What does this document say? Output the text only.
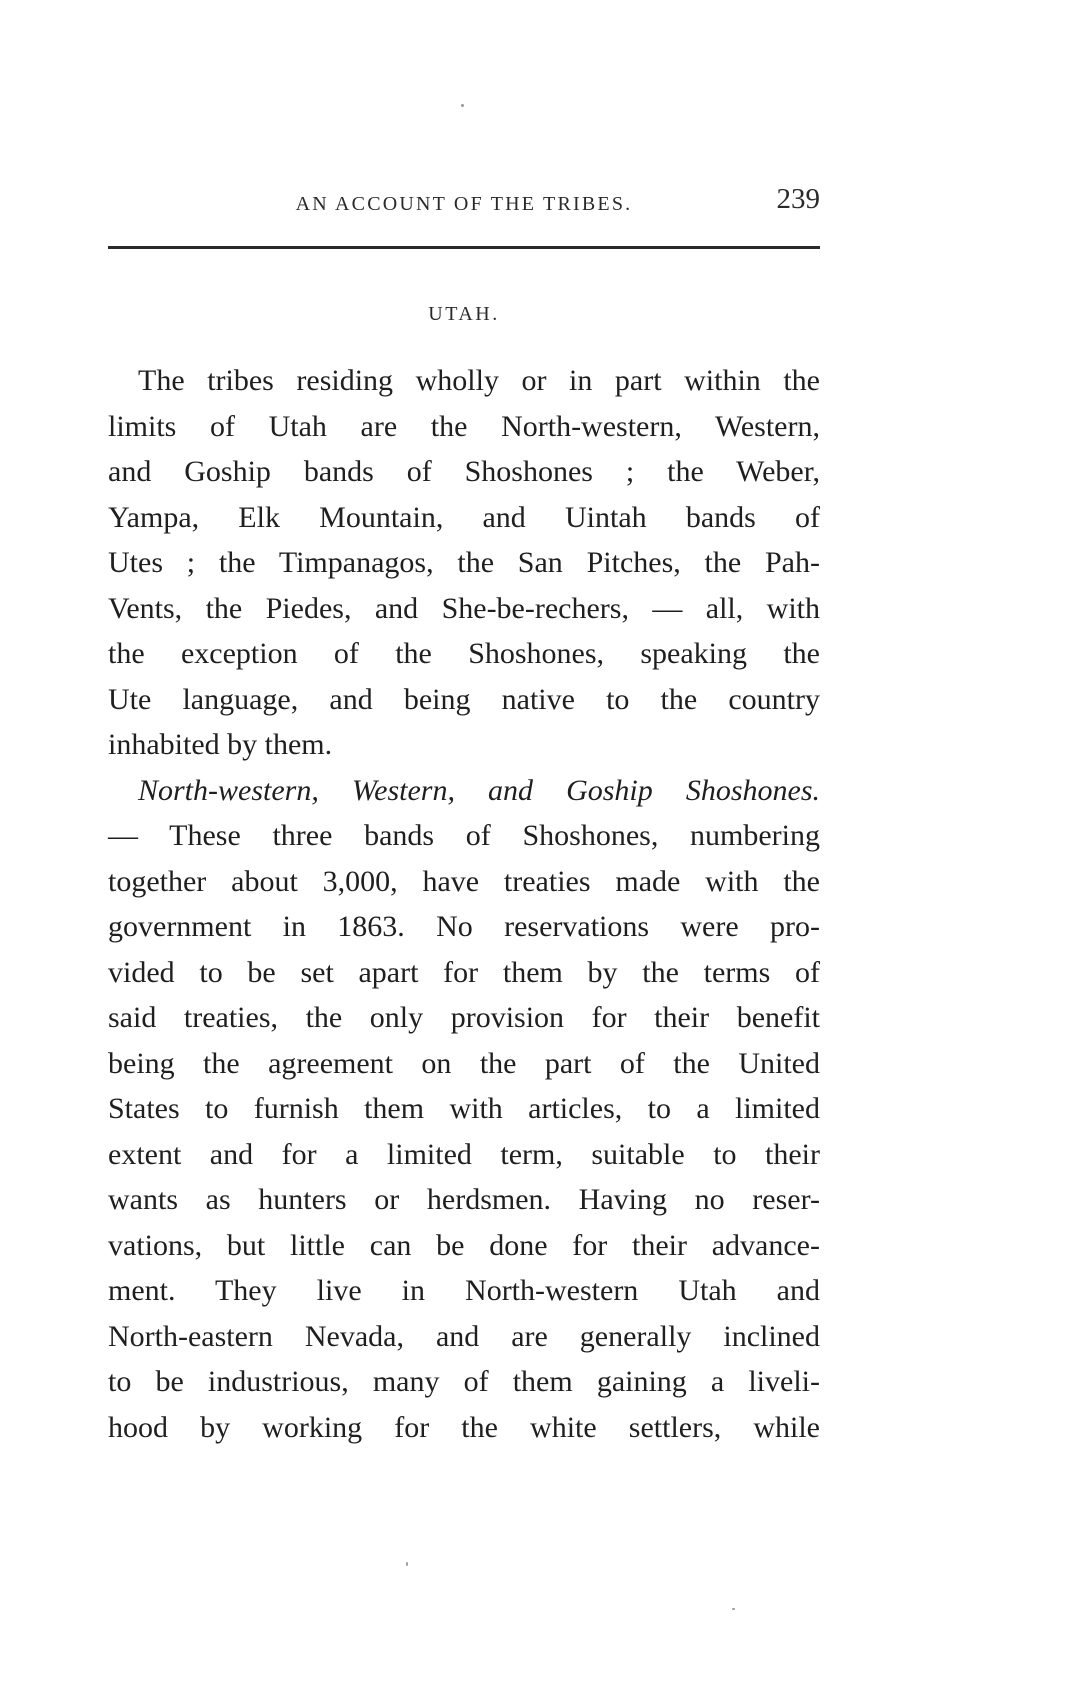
AN ACCOUNT OF THE TRIBES.	239
UTAH.
The tribes residing wholly or in part within the
limits of Utah are the North-western, Western,
and Goship bands of Shoshones ; the Weber,
Yampa, Elk Mountain, and Uintah bands of
Utes ; the Timpanagos, the San Pitches, the Pah-
Vents, the Piedes, and She-be-rechers, — all, with
the exception of the Shoshones, speaking the
Ute language, and being native to the country
inhabited by them.
North-western, Western, and Goship Shoshones.
— These three bands of Shoshones, numbering
together about 3,000, have treaties made with the
government in 1863. No reservations were pro-
vided to be set apart for them by the terms of
said treaties, the only provision for their benefit
being the agreement on the part of the United
States to furnish them with articles, to a limited
extent and for a limited term, suitable to their
wants as hunters or herdsmen. Having no reser-
vations, but little can be done for their advance-
ment. They live in North-western Utah and
North-eastern Nevada, and are generally inclined
to be industrious, many of them gaining a liveli-
hood by working for the white settlers, while
